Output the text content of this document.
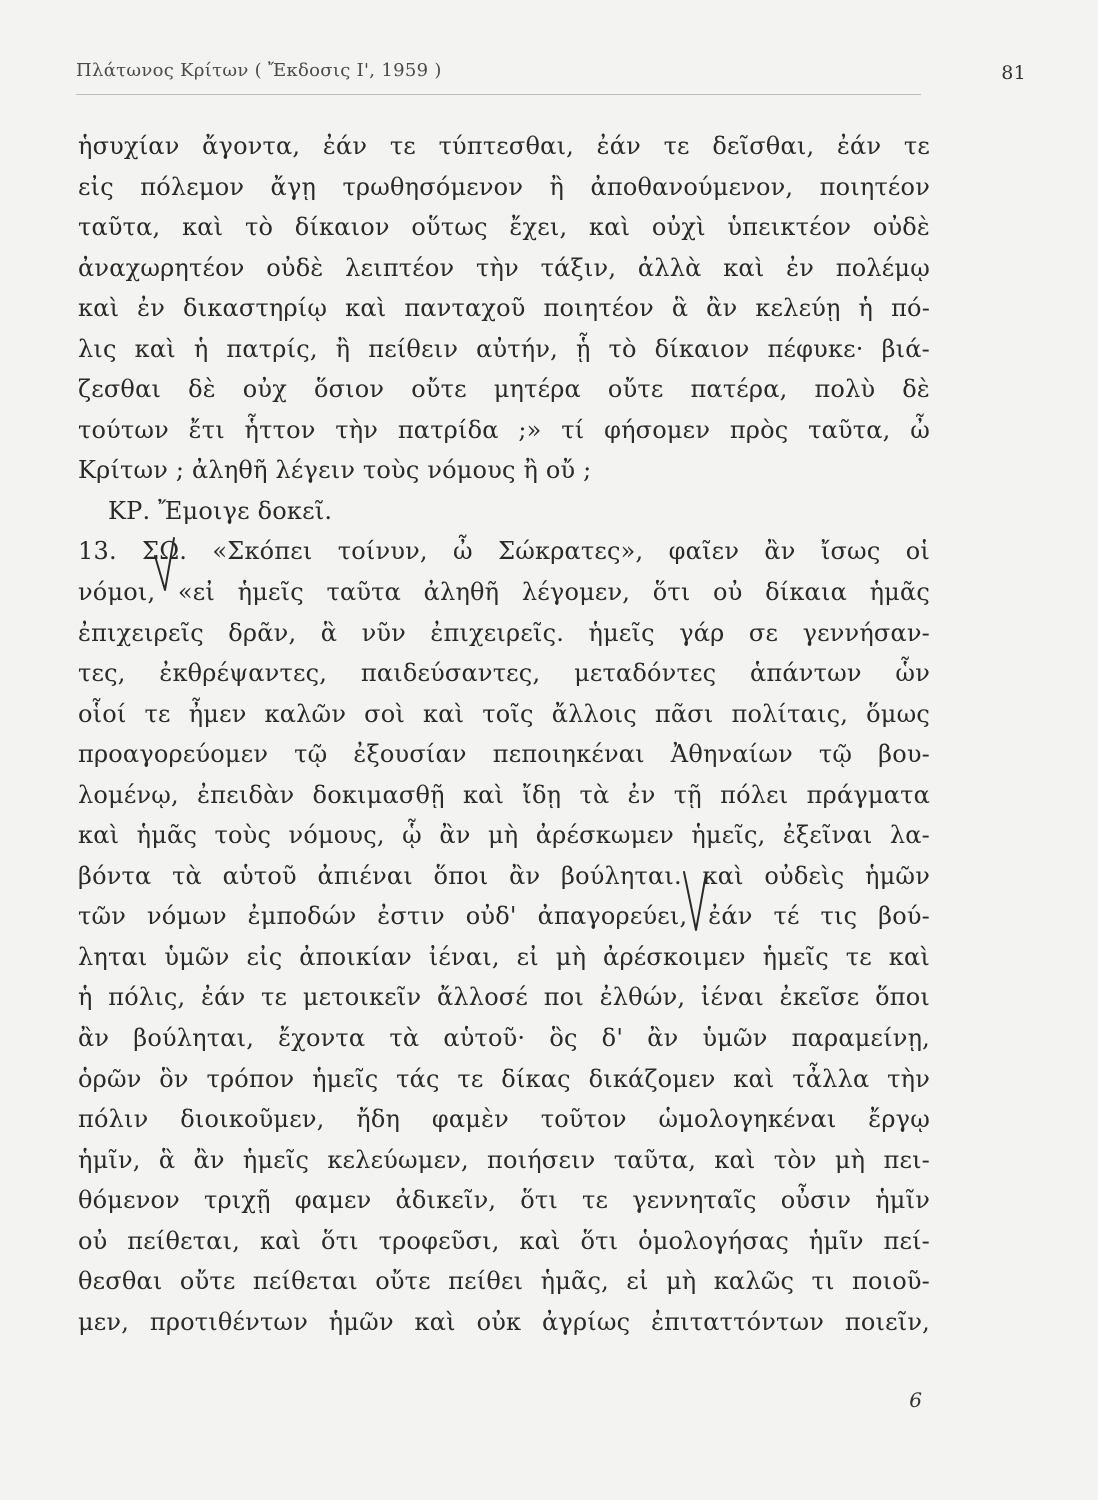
Πλάτωνος Κρίτων ( Ἔκδοσις Ι', 1959 )	81
ἡσυχίαν ἄγοντα, ἐάν τε τύπτεσθαι, ἐάν τε δεῖσθαι, ἐάν τε
εἰς πόλεμον ἄγῃ τρωθησόμενον ἢ ἀποθανούμενον, ποιητέον
ταῦτα, καὶ τὸ δίκαιον οὕτως ἔχει, καὶ οὐχὶ ὑπεικτέον οὐδὲ
ἀναχωρητέον οὐδὲ λειπτέον τὴν τάξιν, ἀλλὰ καὶ ἐν πολέμῳ
καὶ ἐν δικαστηρίῳ καὶ πανταχοῦ ποιητέον ἃ ἂν κελεύῃ ἡ πό-
λις καὶ ἡ πατρίς, ἢ πείθειν αὐτήν, ᾗ τὸ δίκαιον πέφυκε· βιά-
ζεσθαι δὲ οὐχ ὅσιον οὔτε μητέρα οὔτε πατέρα, πολὺ δὲ
τούτων ἔτι ἧττον τὴν πατρίδα ;» τί φήσομεν πρὸς ταῦτα, ὦ
Κρίτων ; ἀληθῆ λέγειν τοὺς νόμους ἢ οὔ ;
ΚΡ. Ἔμοιγε δοκεῖ.
13. ΣΩ. «Σκόπει τοίνυν, ὦ Σώκρατες», φαῖεν ἂν ἴσως οἱ
νόμοι, «εἰ ἡμεῖς ταῦτα ἀληθῆ λέγομεν, ὅτι οὐ δίκαια ἡμᾶς
ἐπιχειρεῖς δρᾶν, ἃ νῦν ἐπιχειρεῖς. ἡμεῖς γάρ σε γεννήσαν-
τες, ἐκθρέψαντες, παιδεύσαντες, μεταδόντες ἁπάντων ὧν
οἷοί τε ἦμεν καλῶν σοὶ καὶ τοῖς ἄλλοις πᾶσι πολίταις, ὅμως
προαγορεύομεν τῷ ἐξουσίαν πεποιηκέναι Ἀθηναίων τῷ βου-
λομένῳ, ἐπειδὰν δοκιμασθῇ καὶ ἴδῃ τὰ ἐν τῇ πόλει πράγματα
καὶ ἡμᾶς τοὺς νόμους, ᾧ ἂν μὴ ἀρέσκωμεν ἡμεῖς, ἐξεῖναι λα-
βόντα τὰ αὑτοῦ ἀπιέναι ὅποι ἂν βούληται. καὶ οὐδεὶς ἡμῶν
τῶν νόμων ἐμποδών ἐστιν οὐδ' ἀπαγορεύει, ἐάν τέ τις βού-
ληται ὑμῶν εἰς ἀποικίαν ἰέναι, εἰ μὴ ἀρέσκοιμεν ἡμεῖς τε καὶ
ἡ πόλις, ἐάν τε μετοικεῖν ἄλλοσέ ποι ἐλθών, ἰέναι ἐκεῖσε ὅποι
ἂν βούληται, ἔχοντα τὰ αὑτοῦ· ὃς δ' ἂν ὑμῶν παραμείνῃ,
ὁρῶν ὃν τρόπον ἡμεῖς τάς τε δίκας δικάζομεν καὶ τἆλλα τὴν
πόλιν διοικοῦμεν, ἤδη φαμὲν τοῦτον ὡμολογηκέναι ἔργῳ
ἡμῖν, ἃ ἂν ἡμεῖς κελεύωμεν, ποιήσειν ταῦτα, καὶ τὸν μὴ πει-
θόμενον τριχῇ φαμεν ἀδικεῖν, ὅτι τε γεννηταῖς οὖσιν ἡμῖν
οὐ πείθεται, καὶ ὅτι τροφεῦσι, καὶ ὅτι ὁμολογήσας ἡμῖν πεί-
θεσθαι οὔτε πείθεται οὔτε πείθει ἡμᾶς, εἰ μὴ καλῶς τι ποιοῦ-
μεν, προτιθέντων ἡμῶν καὶ οὐκ ἀγρίως ἐπιταττόντων ποιεῖν,
6
